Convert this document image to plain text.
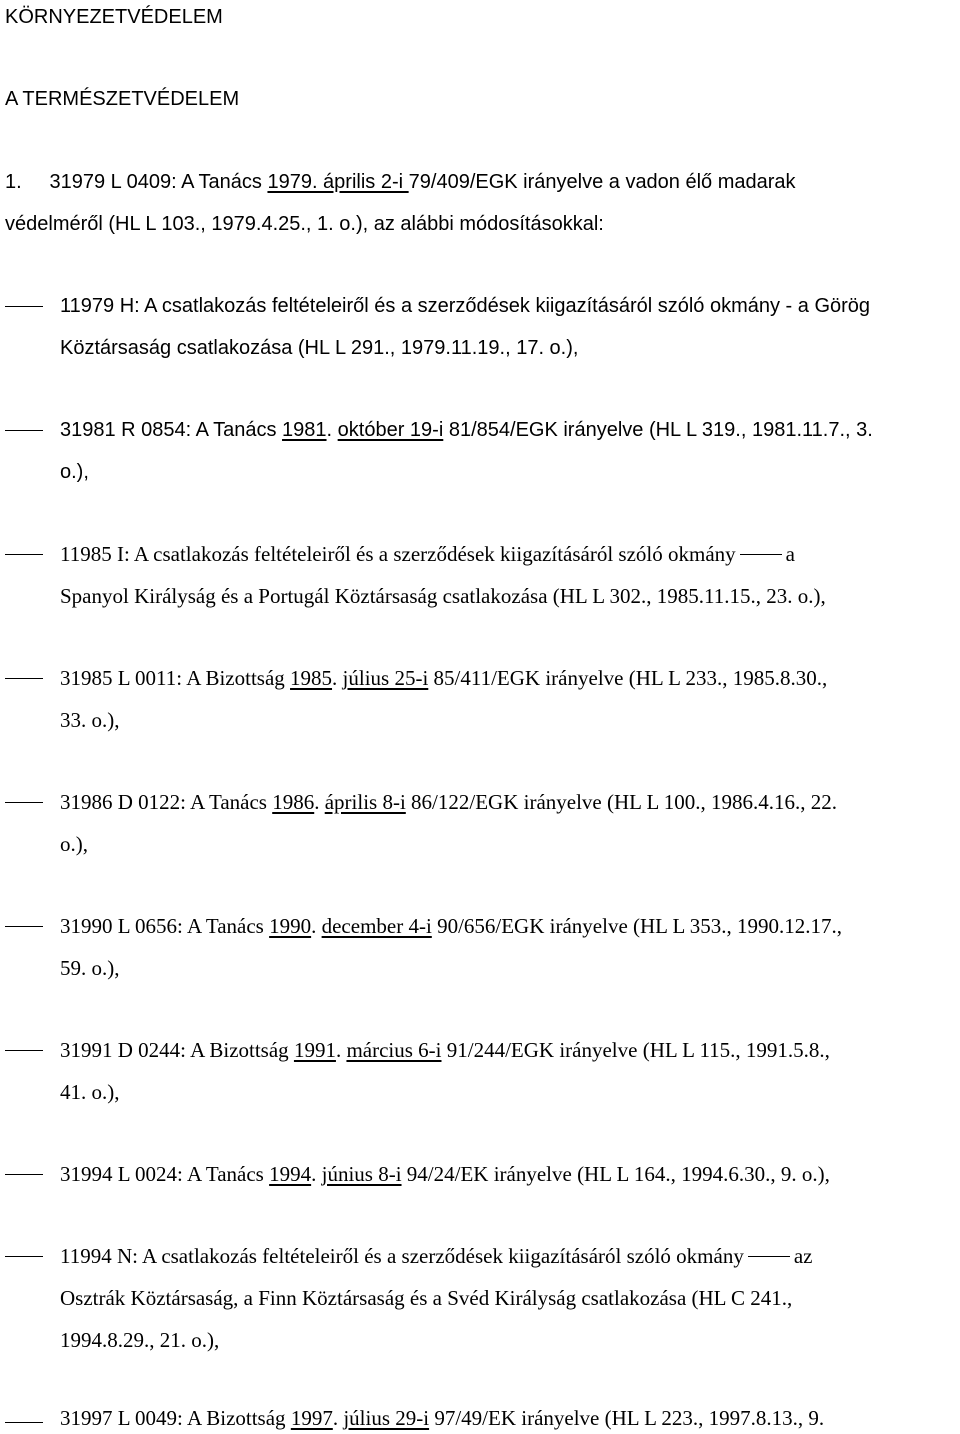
KÖRNYEZETVÉDELEM
A TERMÉSZETVÉDELEM
1. 31979 L 0409: A Tanács 1979. április 2-i 79/409/EGK irányelve a vadon élő madarak
védelméről (HL L 103., 1979.4.25., 1. o.), az alábbi módosításokkal:
11979 H: A csatlakozás feltételeiről és a szerződések kiigazításáról szóló okmány - a Görög
Köztársaság csatlakozása (HL L 291., 1979.11.19., 17. o.),
31981 R 0854: A Tanács 1981. október 19-i 81/854/EGK irányelve (HL L 319., 1981.11.7., 3.
o.),
11985 I: A csatlakozás feltételeiről és a szerződések kiigazításáról szóló okmány a
Spanyol Királyság és a Portugál Köztársaság csatlakozása (HL L 302., 1985.11.15., 23. o.),
31985 L 0011: A Bizottság 1985. július 25-i 85/411/EGK irányelve (HL L 233., 1985.8.30.,
33. o.),
31986 D 0122: A Tanács 1986. április 8-i 86/122/EGK irányelve (HL L 100., 1986.4.16., 22.
o.),
31990 L 0656: A Tanács 1990. december 4-i 90/656/EGK irányelve (HL L 353., 1990.12.17.,
59. o.),
31991 D 0244: A Bizottság 1991. március 6-i 91/244/EGK irányelve (HL L 115., 1991.5.8.,
41. o.),
31994 L 0024: A Tanács 1994. június 8-i 94/24/EK irányelve (HL L 164., 1994.6.30., 9. o.),
11994 N: A csatlakozás feltételeiről és a szerződések kiigazításáról szóló okmány az
Osztrák Köztársaság, a Finn Köztársaság és a Svéd Királyság csatlakozása (HL C 241.,
1994.8.29., 21. o.),
31997 L 0049: A Bizottság 1997. július 29-i 97/49/EK irányelve (HL L 223., 1997.8.13., 9.
